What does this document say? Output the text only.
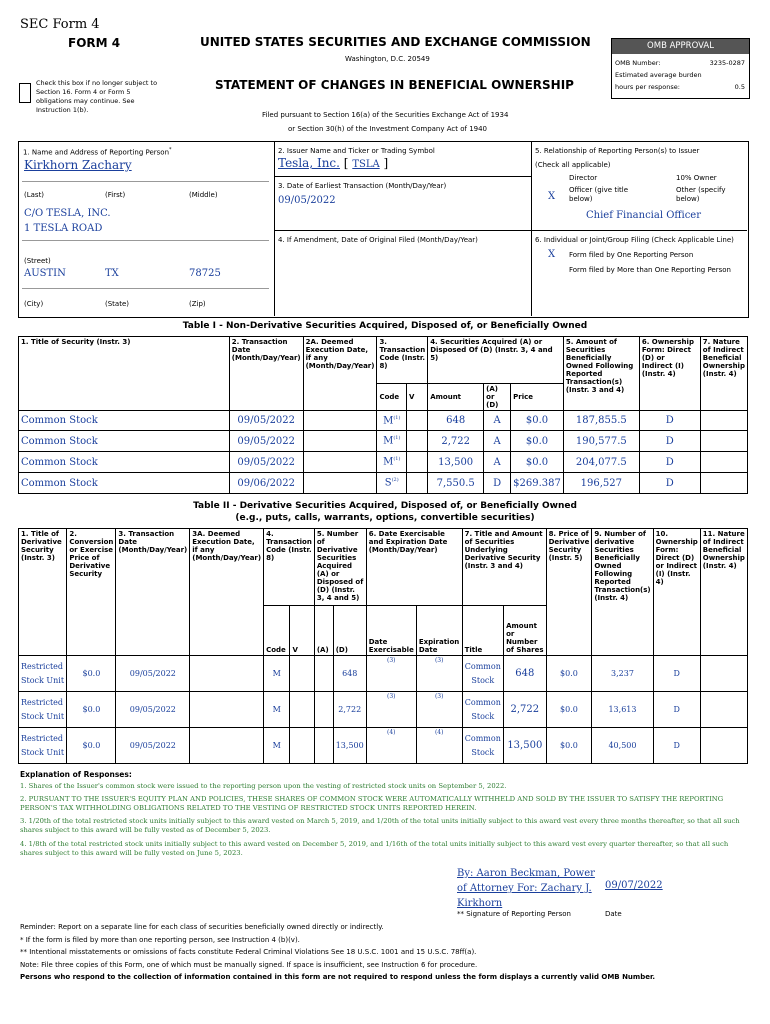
SEC Form 4
FORM 4	UNITED STATES SECURITIES AND EXCHANGE COMMISSION
Washington, D.C. 20549
STATEMENT OF CHANGES IN BENEFICIAL OWNERSHIP
Filed pursuant to Section 16(a) of the Securities Exchange Act of 1934
or Section 30(h) of the Investment Company Act of 1940
Check this box if no longer subject to Section 16. Form 4 or Form 5 obligations may continue. See Instruction 1(b).
OMB APPROVAL
OMB Number:	3235-0287
Estimated average burden
hours per response:	0.5
1. Name and Address of Reporting Person*
Kirkhorn Zachary
(Last)	(First)	(Middle)
C/O TESLA, INC.
1 TESLA ROAD
(Street)
AUSTIN	TX	78725
(City)	(State)	(Zip)
2. Issuer Name and Ticker or Trading Symbol
Tesla, Inc. [ TSLA ]
3. Date of Earliest Transaction (Month/Day/Year)
09/05/2022
4. If Amendment, Date of Original Filed (Month/Day/Year)
5. Relationship of Reporting Person(s) to Issuer
(Check all applicable)
Director	10% Owner
X
Officer (give title below)
Other (specify below)
Chief Financial Officer
6. Individual or Joint/Group Filing (Check Applicable Line)
X Form filed by One Reporting Person
Form filed by More than One Reporting Person
Table I - Non-Derivative Securities Acquired, Disposed of, or Beneficially Owned
1. Title of Security (Instr. 3)	2. Transaction Date (Month/Day/Year)	2A. Deemed Execution Date, if any (Month/Day/Year)	3. Transaction Code (Instr. 8)		4. Securities Acquired (A) or Disposed Of (D) (Instr. 3, 4 and 5)			5. Amount of Securities Beneficially Owned Following Reported Transaction(s) (Instr. 3 and 4)	6. Ownership Form: Direct (D) or Indirect (I) (Instr. 4)	7. Nature of Indirect Beneficial Ownership (Instr. 4)
			Code	V	Amount	(A) or (D)	Price			
Common Stock	09/05/2022		$M^{(1)}$		648	A	$0.0	187,855.5	D	
Common Stock	09/05/2022		$M^{(1)}$		2,722	A	$0.0	190,577.5	D	
Common Stock	09/05/2022		$M^{(1)}$		13,500	A	$0.0	204,077.5	D	
Common Stock	09/06/2022		$S^{(2)}$		7,550.5	D	$269.387	196,527	D	
Table II - Derivative Securities Acquired, Disposed of, or Beneficially Owned
(e.g., puts, calls, warrants, options, convertible securities)
1. Title of Derivative Security (Instr. 3)	2. Conversion or Exercise Price of Derivative Security	3. Transaction Date (Month/Day/Year)	3A. Deemed Execution Date, if any (Month/Day/Year)	4. Transaction Code (Instr. 8)		5. Number of Derivative Securities Acquired (A) or Disposed of (D) (Instr. 3, 4 and 5)		6. Date Exercisable and Expiration Date (Month/Day/Year)		7. Title and Amount of Securities Underlying Derivative Security (Instr. 3 and 4)		8. Price of Derivative Security (Instr. 5)	9. Number of derivative Securities Beneficially Owned Following Reported Transaction(s) (Instr. 4)	10. Ownership Form: Direct (D) or Indirect (I) (Instr. 4)	11. Nature of Indirect Beneficial Ownership (Instr. 4)
				Code	V	(A)	(D)	Date Exercisable	Expiration Date	Title	Amount or Number of Shares				
Restricted Stock Unit	$0.0	09/05/2022		M			648	(3)	(3)	Common Stock	648	$0.0	3,237	D	
Restricted Stock Unit	$0.0	09/05/2022		M			2,722	(3)	(3)	Common Stock	2,722	$0.0	13,613	D	
Restricted Stock Unit	$0.0	09/05/2022		M			13,500	(4)	(4)	Common Stock	13,500	$0.0	40,500	D	
Explanation of Responses:
1. Shares of the Issuer's common stock were issued to the reporting person upon the vesting of restricted stock units on September 5, 2022.
2. PURSUANT TO THE ISSUER'S EQUITY PLAN AND POLICIES, THESE SHARES OF COMMON STOCK WERE AUTOMATICALLY WITHHELD AND SOLD BY THE ISSUER TO SATISFY THE REPORTING PERSON'S TAX WITHHOLDING OBLIGATIONS RELATED TO THE VESTING OF RESTRICTED STOCK UNITS REPORTED HEREIN.
3. 1/20th of the total restricted stock units initially subject to this award vested on March 5, 2019, and 1/20th of the total units initially subject to this award vest every three months thereafter, so that all such shares subject to this award will be fully vested as of December 5, 2023.
4. 1/8th of the total restricted stock units initially subject to this award vested on December 5, 2019, and 1/16th of the total units initially subject to this award vest every quarter thereafter, so that all such shares subject to this award will be fully vested on June 5, 2023.
By: Aaron Beckman, Power of Attorney For: Zachary J. Kirkhorn
09/07/2022
** Signature of Reporting Person	Date
Reminder: Report on a separate line for each class of securities beneficially owned directly or indirectly.
* If the form is filed by more than one reporting person, see Instruction 4 (b)(v).
** Intentional misstatements or omissions of facts constitute Federal Criminal Violations See 18 U.S.C. 1001 and 15 U.S.C. 78ff(a).
Note: File three copies of this Form, one of which must be manually signed. If space is insufficient, see Instruction 6 for procedure.
Persons who respond to the collection of information contained in this form are not required to respond unless the form displays a currently valid OMB Number.
